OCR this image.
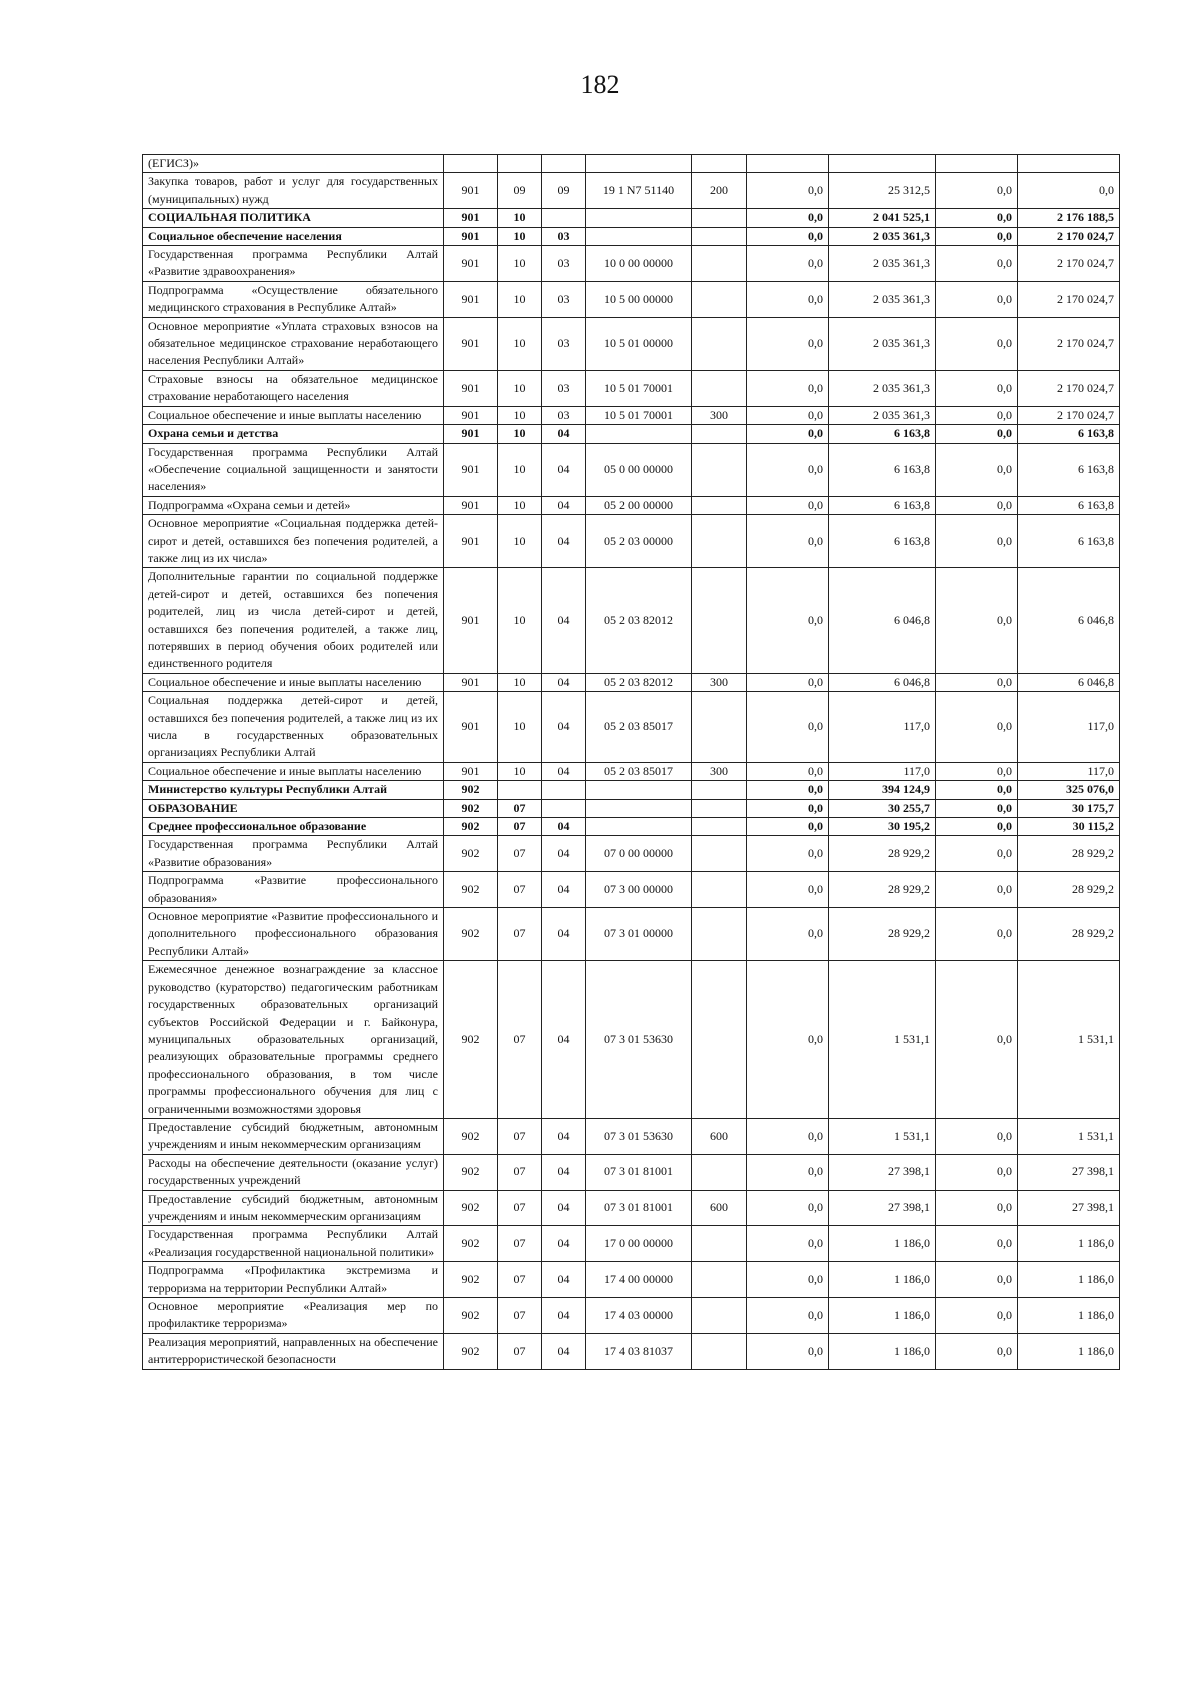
182
(ЕГИСЗ)»									
Закупка товаров, работ и услуг для государственных (муниципальных) нужд	901	09	09	19 1 N7 51140	200	0,0	25 312,5	0,0	0,0
СОЦИАЛЬНАЯ ПОЛИТИКА	901	10				0,0	2 041 525,1	0,0	2 176 188,5
Социальное обеспечение населения	901	10	03			0,0	2 035 361,3	0,0	2 170 024,7
Государственная программа Республики Алтай «Развитие здравоохранения»	901	10	03	10 0 00 00000		0,0	2 035 361,3	0,0	2 170 024,7
Подпрограмма «Осуществление обязательного медицинского страхования в Республике Алтай»	901	10	03	10 5 00 00000		0,0	2 035 361,3	0,0	2 170 024,7
Основное мероприятие «Уплата страховых взносов на обязательное медицинское страхование неработающего населения Республики Алтай»	901	10	03	10 5 01 00000		0,0	2 035 361,3	0,0	2 170 024,7
Страховые взносы на обязательное медицинское страхование неработающего населения	901	10	03	10 5 01 70001		0,0	2 035 361,3	0,0	2 170 024,7
Социальное обеспечение и иные выплаты населению	901	10	03	10 5 01 70001	300	0,0	2 035 361,3	0,0	2 170 024,7
Охрана семьи и детства	901	10	04			0,0	6 163,8	0,0	6 163,8
Государственная программа Республики Алтай «Обеспечение социальной защищенности и занятости населения»	901	10	04	05 0 00 00000		0,0	6 163,8	0,0	6 163,8
Подпрограмма «Охрана семьи и детей»	901	10	04	05 2 00 00000		0,0	6 163,8	0,0	6 163,8
Основное мероприятие «Социальная поддержка детей-сирот и детей, оставшихся без попечения родителей, а также лиц из их числа»	901	10	04	05 2 03 00000		0,0	6 163,8	0,0	6 163,8
Дополнительные гарантии по социальной поддержке детей-сирот и детей, оставшихся без попечения родителей, лиц из числа детей-сирот и детей, оставшихся без попечения родителей, а также лиц, потерявших в период обучения обоих родителей или единственного родителя	901	10	04	05 2 03 82012		0,0	6 046,8	0,0	6 046,8
Социальное обеспечение и иные выплаты населению	901	10	04	05 2 03 82012	300	0,0	6 046,8	0,0	6 046,8
Социальная поддержка детей-сирот и детей, оставшихся без попечения родителей, а также лиц из их числа в государственных образовательных организациях Республики Алтай	901	10	04	05 2 03 85017		0,0	117,0	0,0	117,0
Социальное обеспечение и иные выплаты населению	901	10	04	05 2 03 85017	300	0,0	117,0	0,0	117,0
Министерство культуры Республики Алтай	902					0,0	394 124,9	0,0	325 076,0
ОБРАЗОВАНИЕ	902	07				0,0	30 255,7	0,0	30 175,7
Среднее профессиональное образование	902	07	04			0,0	30 195,2	0,0	30 115,2
Государственная программа Республики Алтай «Развитие образования»	902	07	04	07 0 00 00000		0,0	28 929,2	0,0	28 929,2
Подпрограмма «Развитие профессионального образования»	902	07	04	07 3 00 00000		0,0	28 929,2	0,0	28 929,2
Основное мероприятие «Развитие профессионального и дополнительного профессионального образования Республики Алтай»	902	07	04	07 3 01 00000		0,0	28 929,2	0,0	28 929,2
Ежемесячное денежное вознаграждение за классное руководство (кураторство) педагогическим работникам государственных образовательных организаций субъектов Российской Федерации и г. Байконура, муниципальных образовательных организаций, реализующих образовательные программы среднего профессионального образования, в том числе программы профессионального обучения для лиц с ограниченными возможностями здоровья	902	07	04	07 3 01 53630		0,0	1 531,1	0,0	1 531,1
Предоставление субсидий бюджетным, автономным учреждениям и иным некоммерческим организациям	902	07	04	07 3 01 53630	600	0,0	1 531,1	0,0	1 531,1
Расходы на обеспечение деятельности (оказание услуг) государственных учреждений	902	07	04	07 3 01 81001		0,0	27 398,1	0,0	27 398,1
Предоставление субсидий бюджетным, автономным учреждениям и иным некоммерческим организациям	902	07	04	07 3 01 81001	600	0,0	27 398,1	0,0	27 398,1
Государственная программа Республики Алтай «Реализация государственной национальной политики»	902	07	04	17 0 00 00000		0,0	1 186,0	0,0	1 186,0
Подпрограмма «Профилактика экстремизма и терроризма на территории Республики Алтай»	902	07	04	17 4 00 00000		0,0	1 186,0	0,0	1 186,0
Основное мероприятие «Реализация мер по профилактике терроризма»	902	07	04	17 4 03 00000		0,0	1 186,0	0,0	1 186,0
Реализация мероприятий, направленных на обеспечение антитеррористической безопасности	902	07	04	17 4 03 81037		0,0	1 186,0	0,0	1 186,0
